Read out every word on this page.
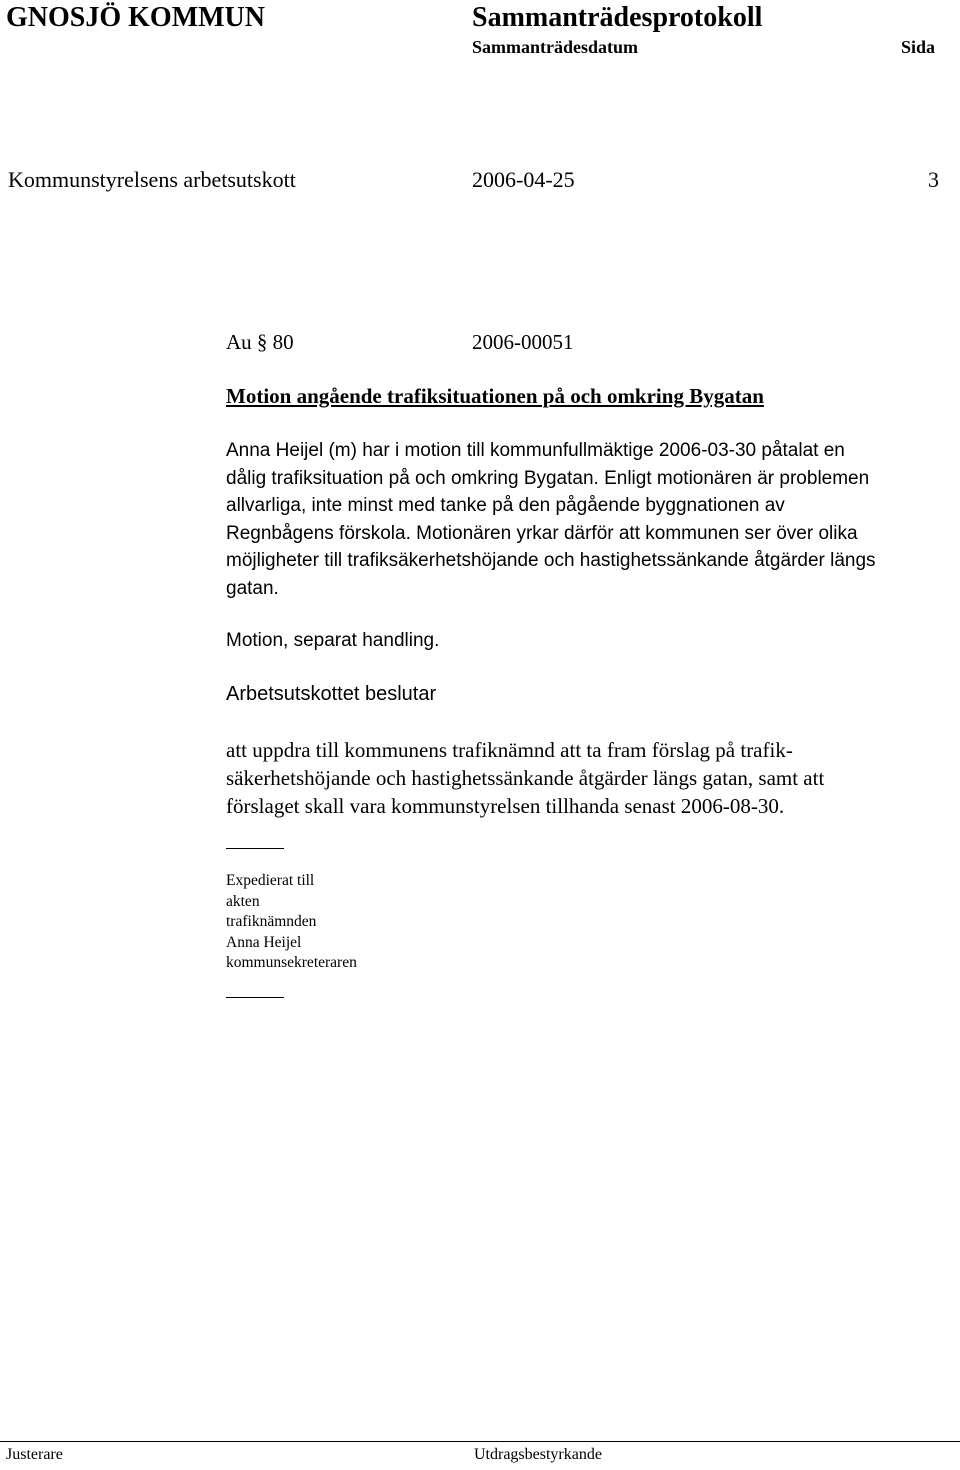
GNOSJÖ KOMMUN	Sammanträdesprotokoll
Sammanträdesdatum	Sida
Kommunstyrelsens arbetsutskott	2006-04-25	3
Au § 80	2006-00051
Motion angående trafiksituationen på och omkring Bygatan
Anna Heijel (m) har i motion till kommunfullmäktige 2006-03-30 påtalat en
dålig trafiksituation på och omkring Bygatan. Enligt motionären är problemen
allvarliga, inte minst med tanke på den pågående byggnationen av
Regnbågens förskola. Motionären yrkar därför att kommunen ser över olika
möjligheter till trafiksäkerhetshöjande och hastighetssänkande åtgärder längs
gatan.
Motion, separat handling.
Arbetsutskottet beslutar
att uppdra till kommunens trafiknämnd att ta fram förslag på trafik-
säkerhetshöjande och hastighetssänkande åtgärder längs gatan, samt att
förslaget skall vara kommunstyrelsen tillhanda senast 2006-08-30.
Expedierat till
akten
trafiknämnden
Anna Heijel
kommunsekreteraren
Justerare	Utdragsbestyrkande
